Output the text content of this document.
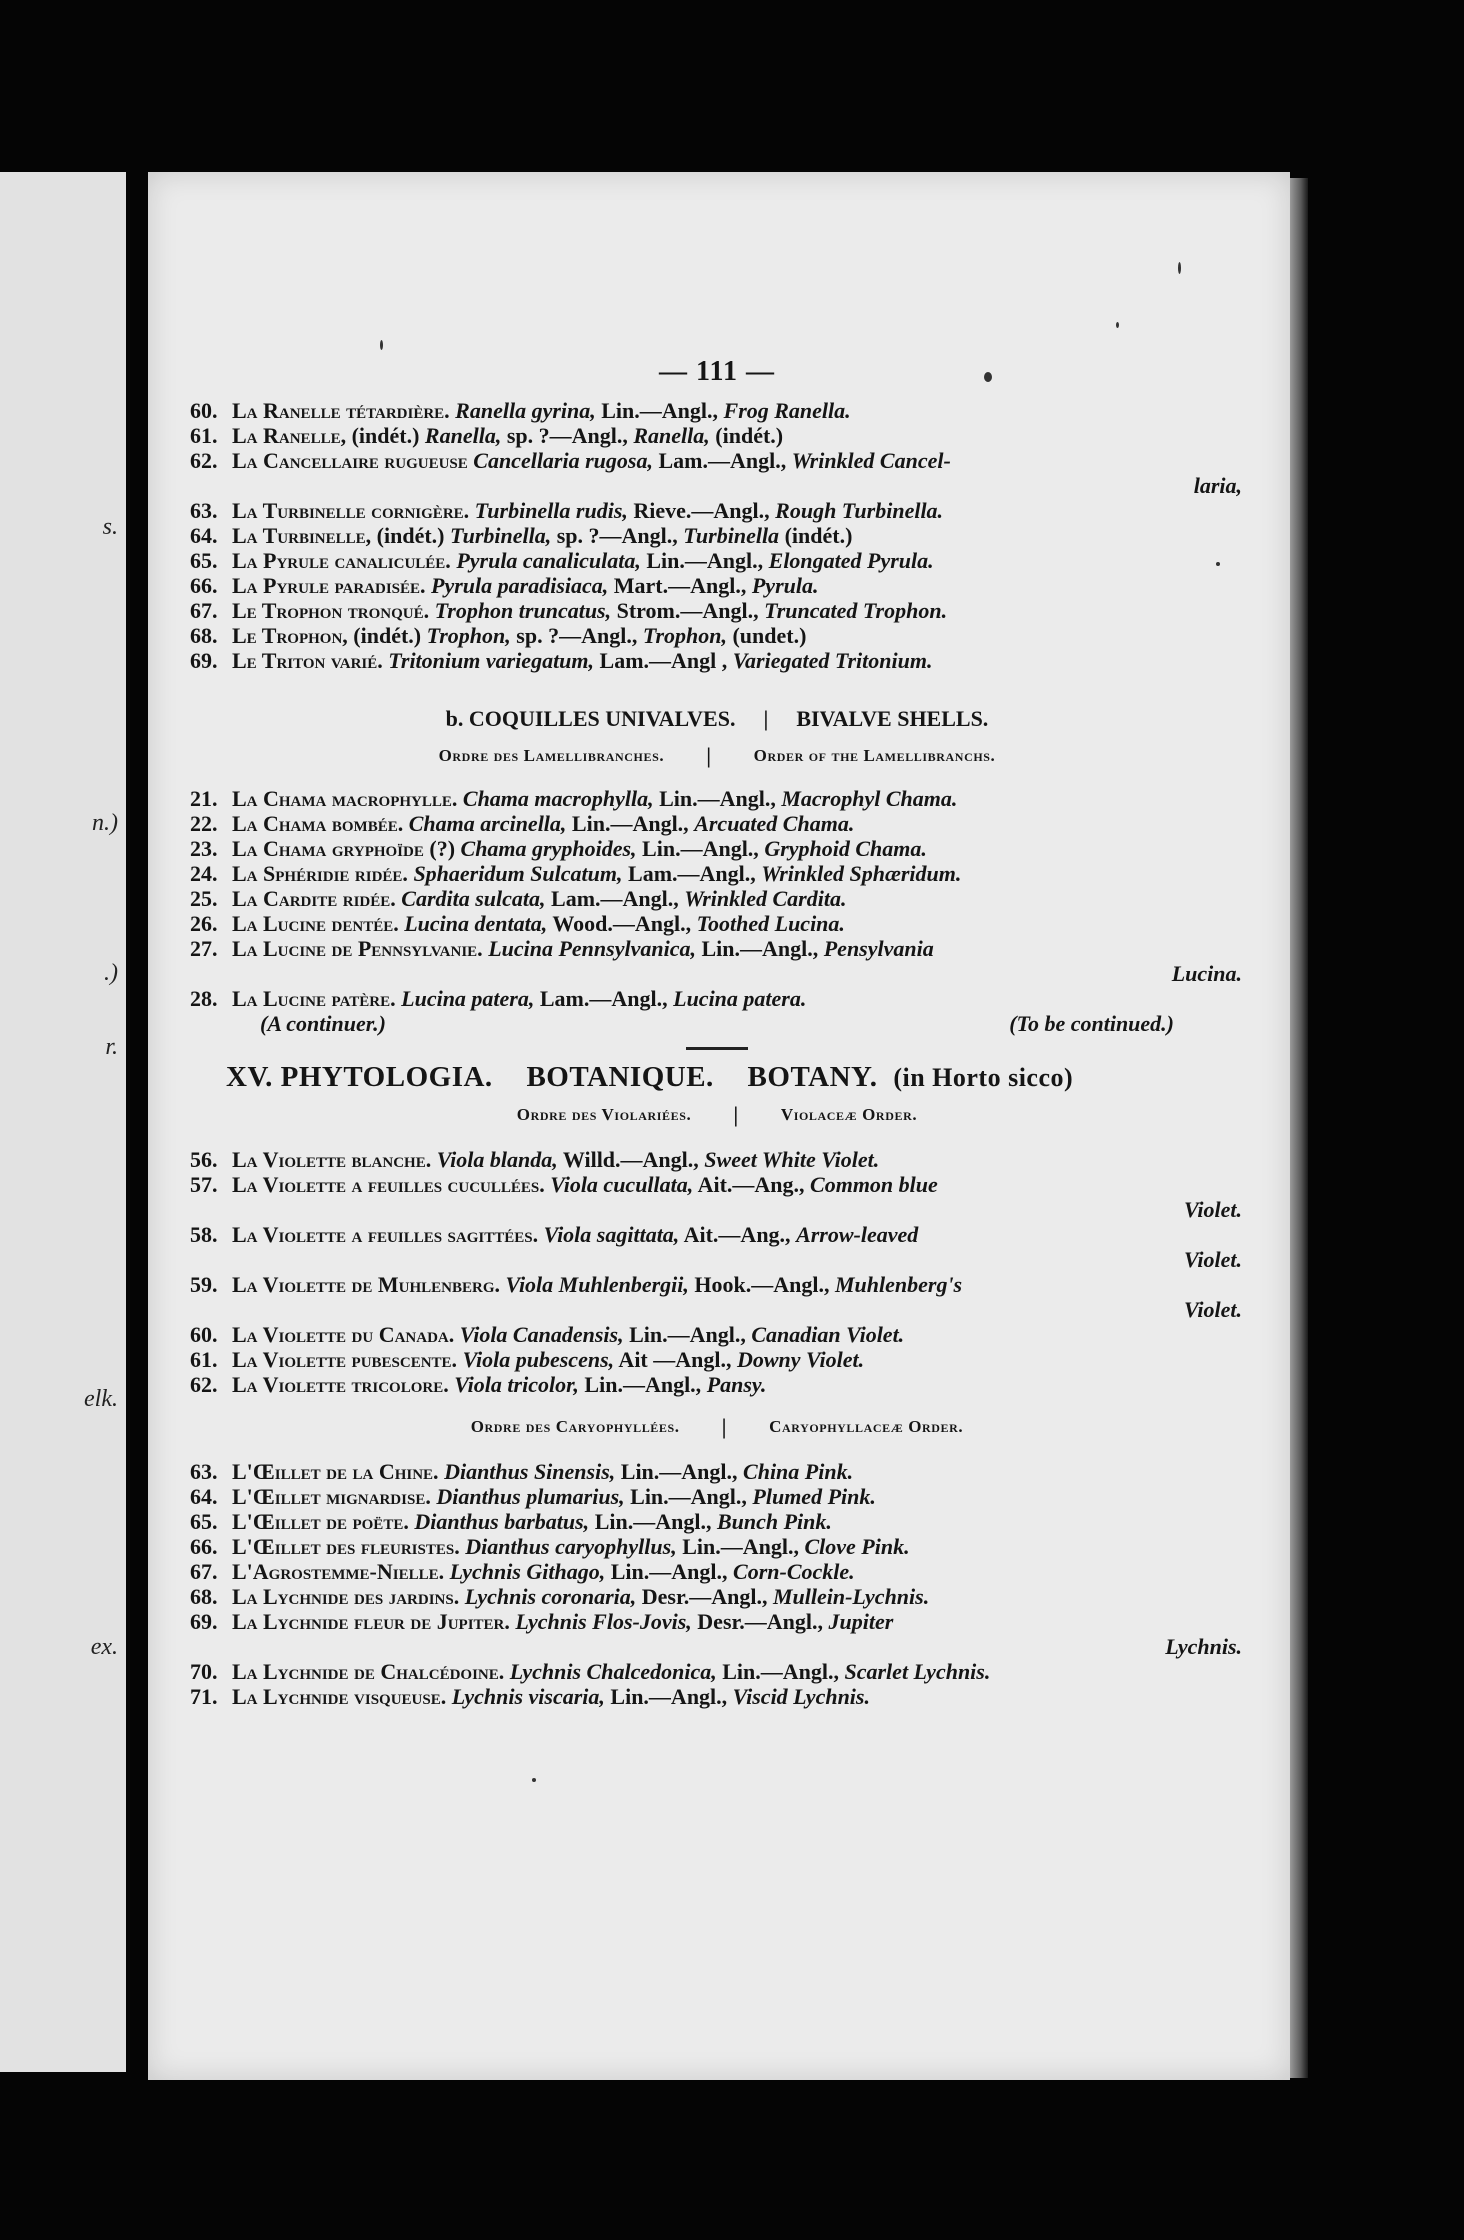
s.
n.)
.)
r.
elk.
ex.
— 111 —
60. La Ranelle tétardière. Ranella gyrina, Lin.—Angl., Frog Ranella.
61. La Ranelle, (indét.) Ranella, sp. ?—Angl., Ranella, (indét.)
62. La Cancellaire rugueuse Cancellaria rugosa, Lam.—Angl., Wrinkled Cancel-
laria,
63. La Turbinelle cornigère. Turbinella rudis, Rieve.—Angl., Rough Turbinella.
64. La Turbinelle, (indét.) Turbinella, sp. ?—Angl., Turbinella (indét.)
65. La Pyrule canaliculée. Pyrula canaliculata, Lin.—Angl., Elongated Pyrula.
66. La Pyrule paradisée. Pyrula paradisiaca, Mart.—Angl., Pyrula.
67. Le Trophon tronqué. Trophon truncatus, Strom.—Angl., Truncated Trophon.
68. Le Trophon, (indét.) Trophon, sp. ?—Angl., Trophon, (undet.)
69. Le Triton varié. Tritonium variegatum, Lam.—Angl , Variegated Tritonium.
b. COQUILLES UNIVALVES. | BIVALVE SHELLS.
Ordre des Lamellibranches. | Order of the Lamellibranchs.
21. La Chama macrophylle. Chama macrophylla, Lin.—Angl., Macrophyl Chama.
22. La Chama bombée. Chama arcinella, Lin.—Angl., Arcuated Chama.
23. La Chama gryphoïde (?) Chama gryphoides, Lin.—Angl., Gryphoid Chama.
24. La Sphéridie ridée. Sphaeridum Sulcatum, Lam.—Angl., Wrinkled Sphæridum.
25. La Cardite ridée. Cardita sulcata, Lam.—Angl., Wrinkled Cardita.
26. La Lucine dentée. Lucina dentata, Wood.—Angl., Toothed Lucina.
27. La Lucine de Pennsylvanie. Lucina Pennsylvanica, Lin.—Angl., Pensylvania
Lucina.
28. La Lucine patère. Lucina patera, Lam.—Angl., Lucina patera.
(A continuer.)	(To be continued.)
XV. PHYTOLOGIA. BOTANIQUE. BOTANY. (in Horto sicco)
Ordre des Violariées. | Violaceæ Order.
56. La Violette blanche. Viola blanda, Willd.—Angl., Sweet White Violet.
57. La Violette a feuilles cucullées. Viola cucullata, Ait.—Ang., Common blue
Violet.
58. La Violette a feuilles sagittées. Viola sagittata, Ait.—Ang., Arrow-leaved
Violet.
59. La Violette de Muhlenberg. Viola Muhlenbergii, Hook.—Angl., Muhlenberg's
Violet.
60. La Violette du Canada. Viola Canadensis, Lin.—Angl., Canadian Violet.
61. La Violette pubescente. Viola pubescens, Ait —Angl., Downy Violet.
62. La Violette tricolore. Viola tricolor, Lin.—Angl., Pansy.
Ordre des Caryophyllées. | Caryophyllaceæ Order.
63. L'Œillet de la Chine. Dianthus Sinensis, Lin.—Angl., China Pink.
64. L'Œillet mignardise. Dianthus plumarius, Lin.—Angl., Plumed Pink.
65. L'Œillet de poëte. Dianthus barbatus, Lin.—Angl., Bunch Pink.
66. L'Œillet des fleuristes. Dianthus caryophyllus, Lin.—Angl., Clove Pink.
67. L'Agrostemme-Nielle. Lychnis Githago, Lin.—Angl., Corn-Cockle.
68. La Lychnide des jardins. Lychnis coronaria, Desr.—Angl., Mullein-Lychnis.
69. La Lychnide fleur de Jupiter. Lychnis Flos-Jovis, Desr.—Angl., Jupiter
Lychnis.
70. La Lychnide de Chalcédoine. Lychnis Chalcedonica, Lin.—Angl., Scarlet Lychnis.
71. La Lychnide visqueuse. Lychnis viscaria, Lin.—Angl., Viscid Lychnis.
